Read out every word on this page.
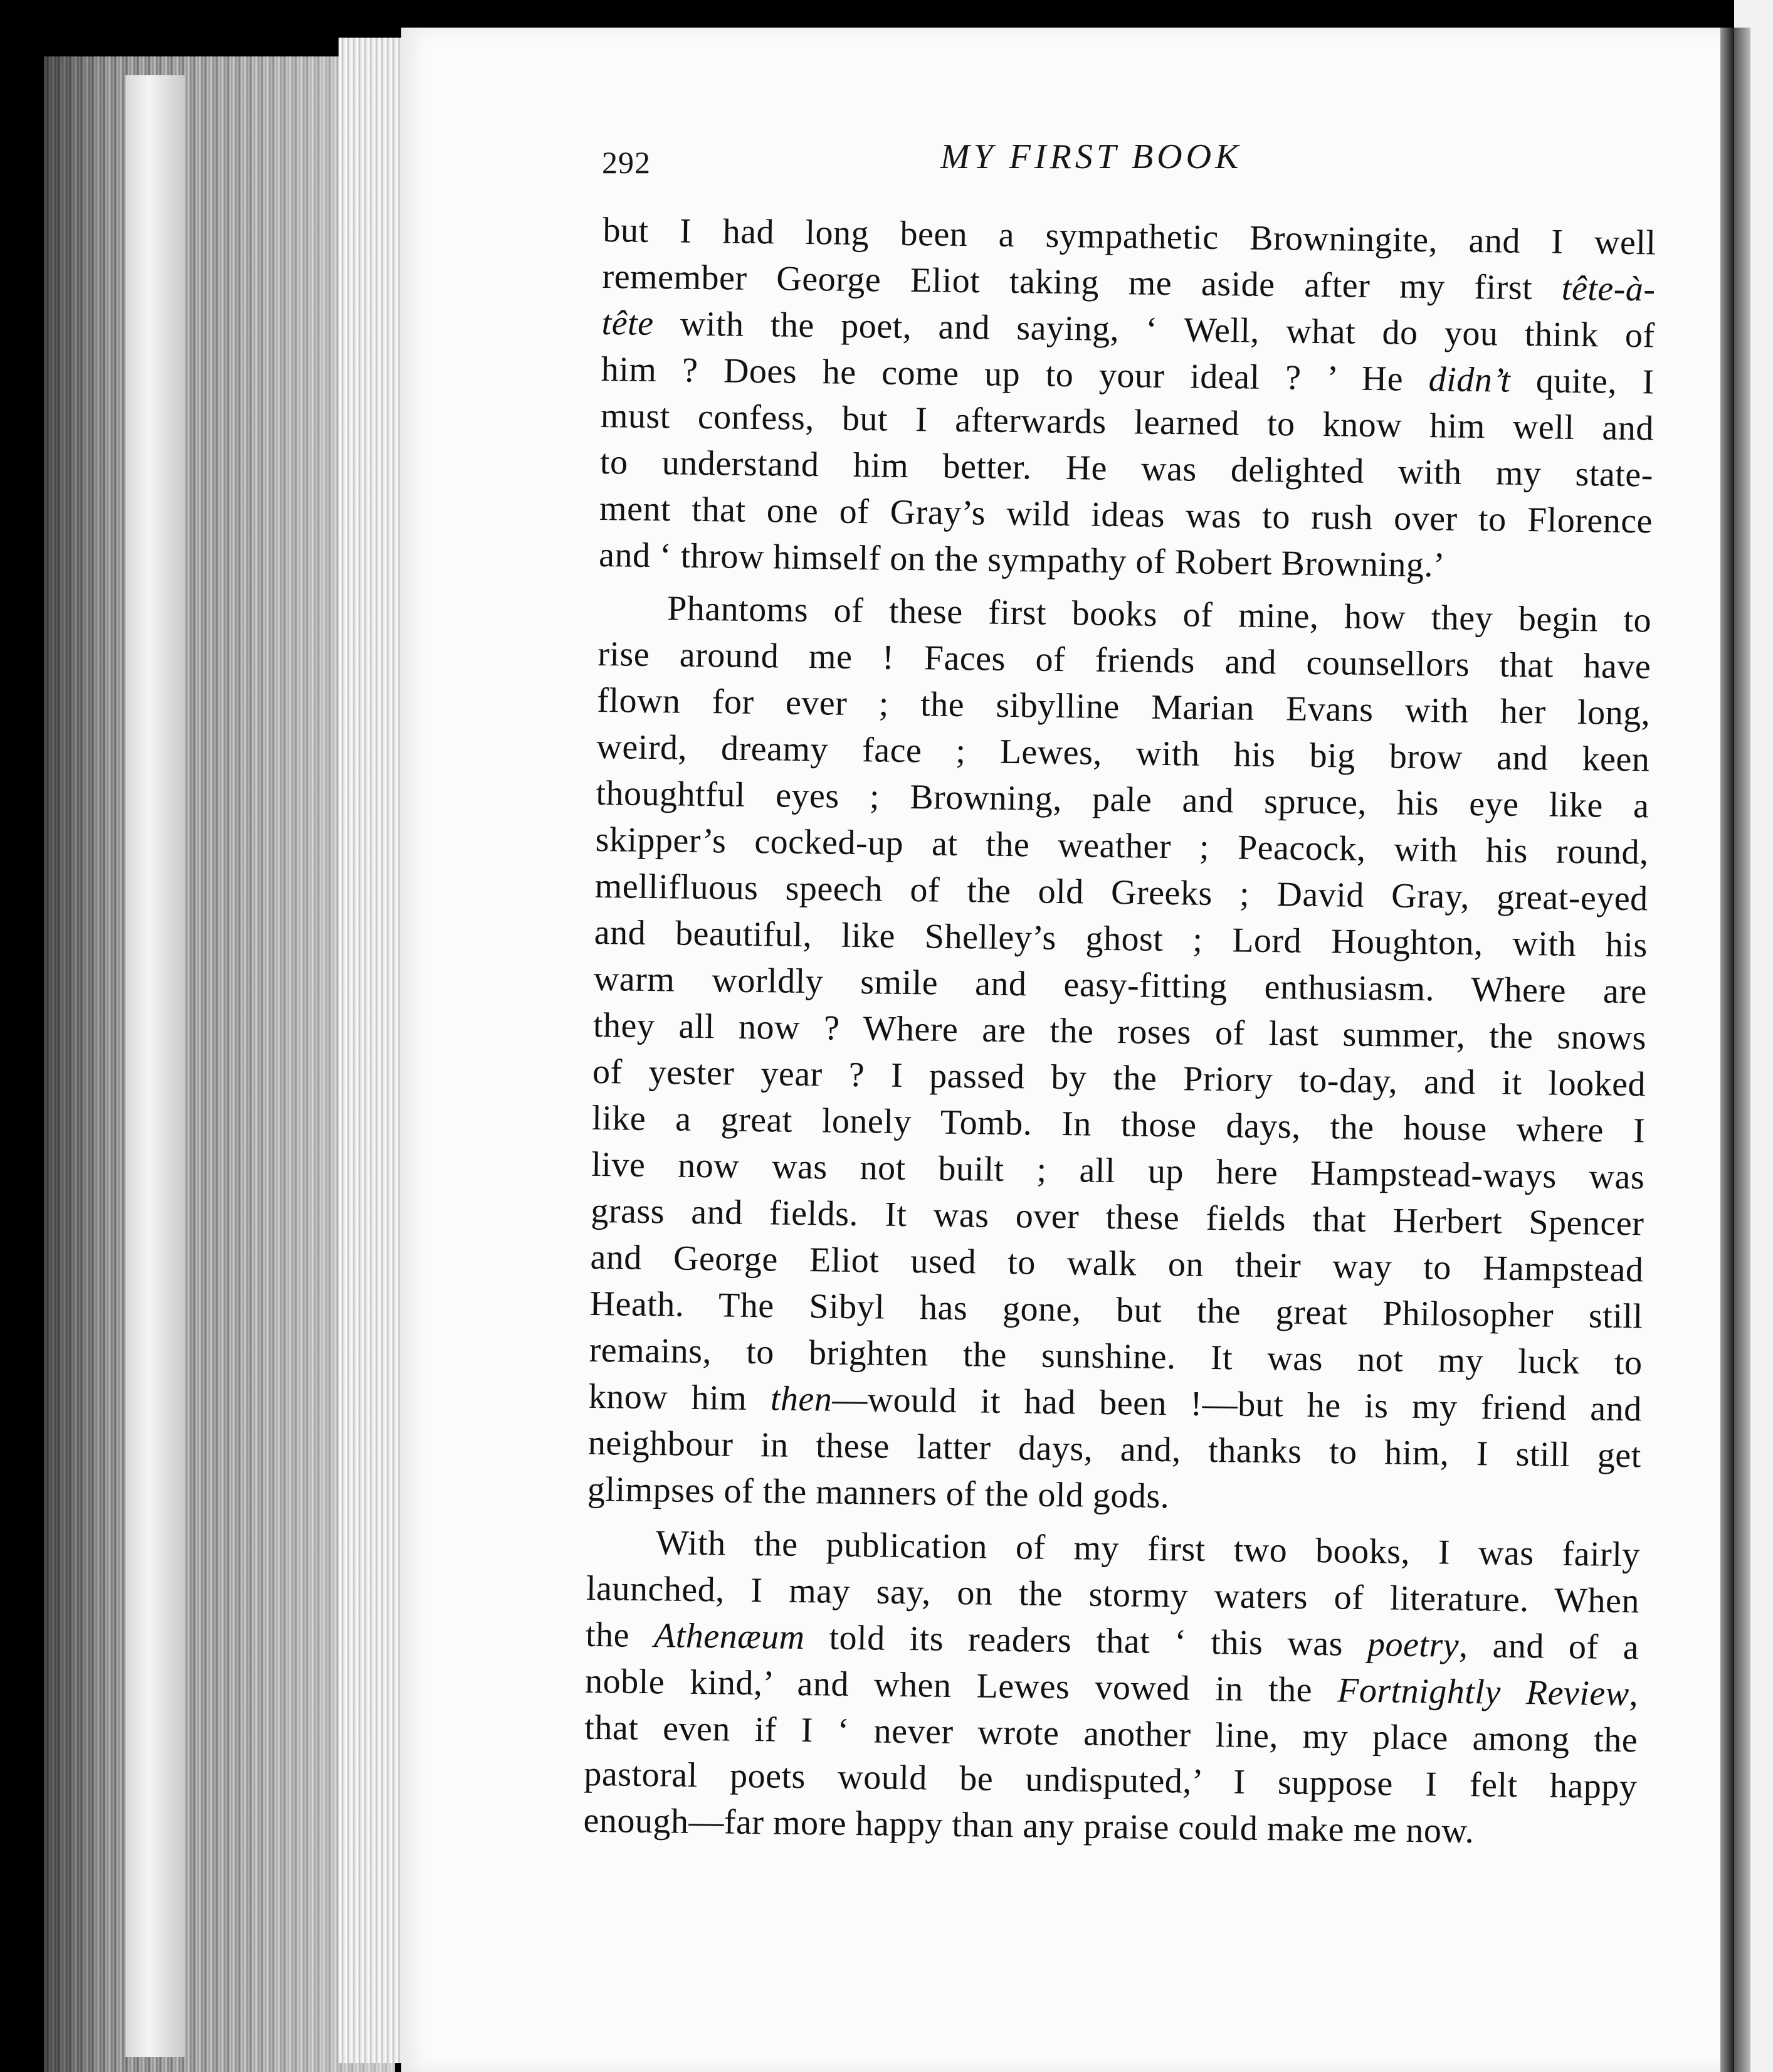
292	MY FIRST BOOK
but I had long been a sympathetic Browningite, and I well
remember George Eliot taking me aside after my first tête-à-
tête with the poet, and saying, ‘ Well, what do you think of
him ? Does he come up to your ideal ? ’ He didn’t quite, I
must confess, but I afterwards learned to know him well and
to understand him better. He was delighted with my state-
ment that one of Gray’s wild ideas was to rush over to Florence
and ‘ throw himself on the sympathy of Robert Browning.’
Phantoms of these first books of mine, how they begin to
rise around me ! Faces of friends and counsellors that have
flown for ever ; the sibylline Marian Evans with her long,
weird, dreamy face ; Lewes, with his big brow and keen
thoughtful eyes ; Browning, pale and spruce, his eye like a
skipper’s cocked-up at the weather ; Peacock, with his round,
mellifluous speech of the old Greeks ; David Gray, great-eyed
and beautiful, like Shelley’s ghost ; Lord Houghton, with his
warm worldly smile and easy-fitting enthusiasm. Where are
they all now ? Where are the roses of last summer, the snows
of yester year ? I passed by the Priory to-day, and it looked
like a great lonely Tomb. In those days, the house where I
live now was not built ; all up here Hampstead-ways was
grass and fields. It was over these fields that Herbert Spencer
and George Eliot used to walk on their way to Hampstead
Heath. The Sibyl has gone, but the great Philosopher still
remains, to brighten the sunshine. It was not my luck to
know him then—would it had been !—but he is my friend and
neighbour in these latter days, and, thanks to him, I still get
glimpses of the manners of the old gods.
With the publication of my first two books, I was fairly
launched, I may say, on the stormy waters of literature. When
the Athenæum told its readers that ‘ this was poetry, and of a
noble kind,’ and when Lewes vowed in the Fortnightly Review,
that even if I ‘ never wrote another line, my place among the
pastoral poets would be undisputed,’ I suppose I felt happy
enough—far more happy than any praise could make me now.
